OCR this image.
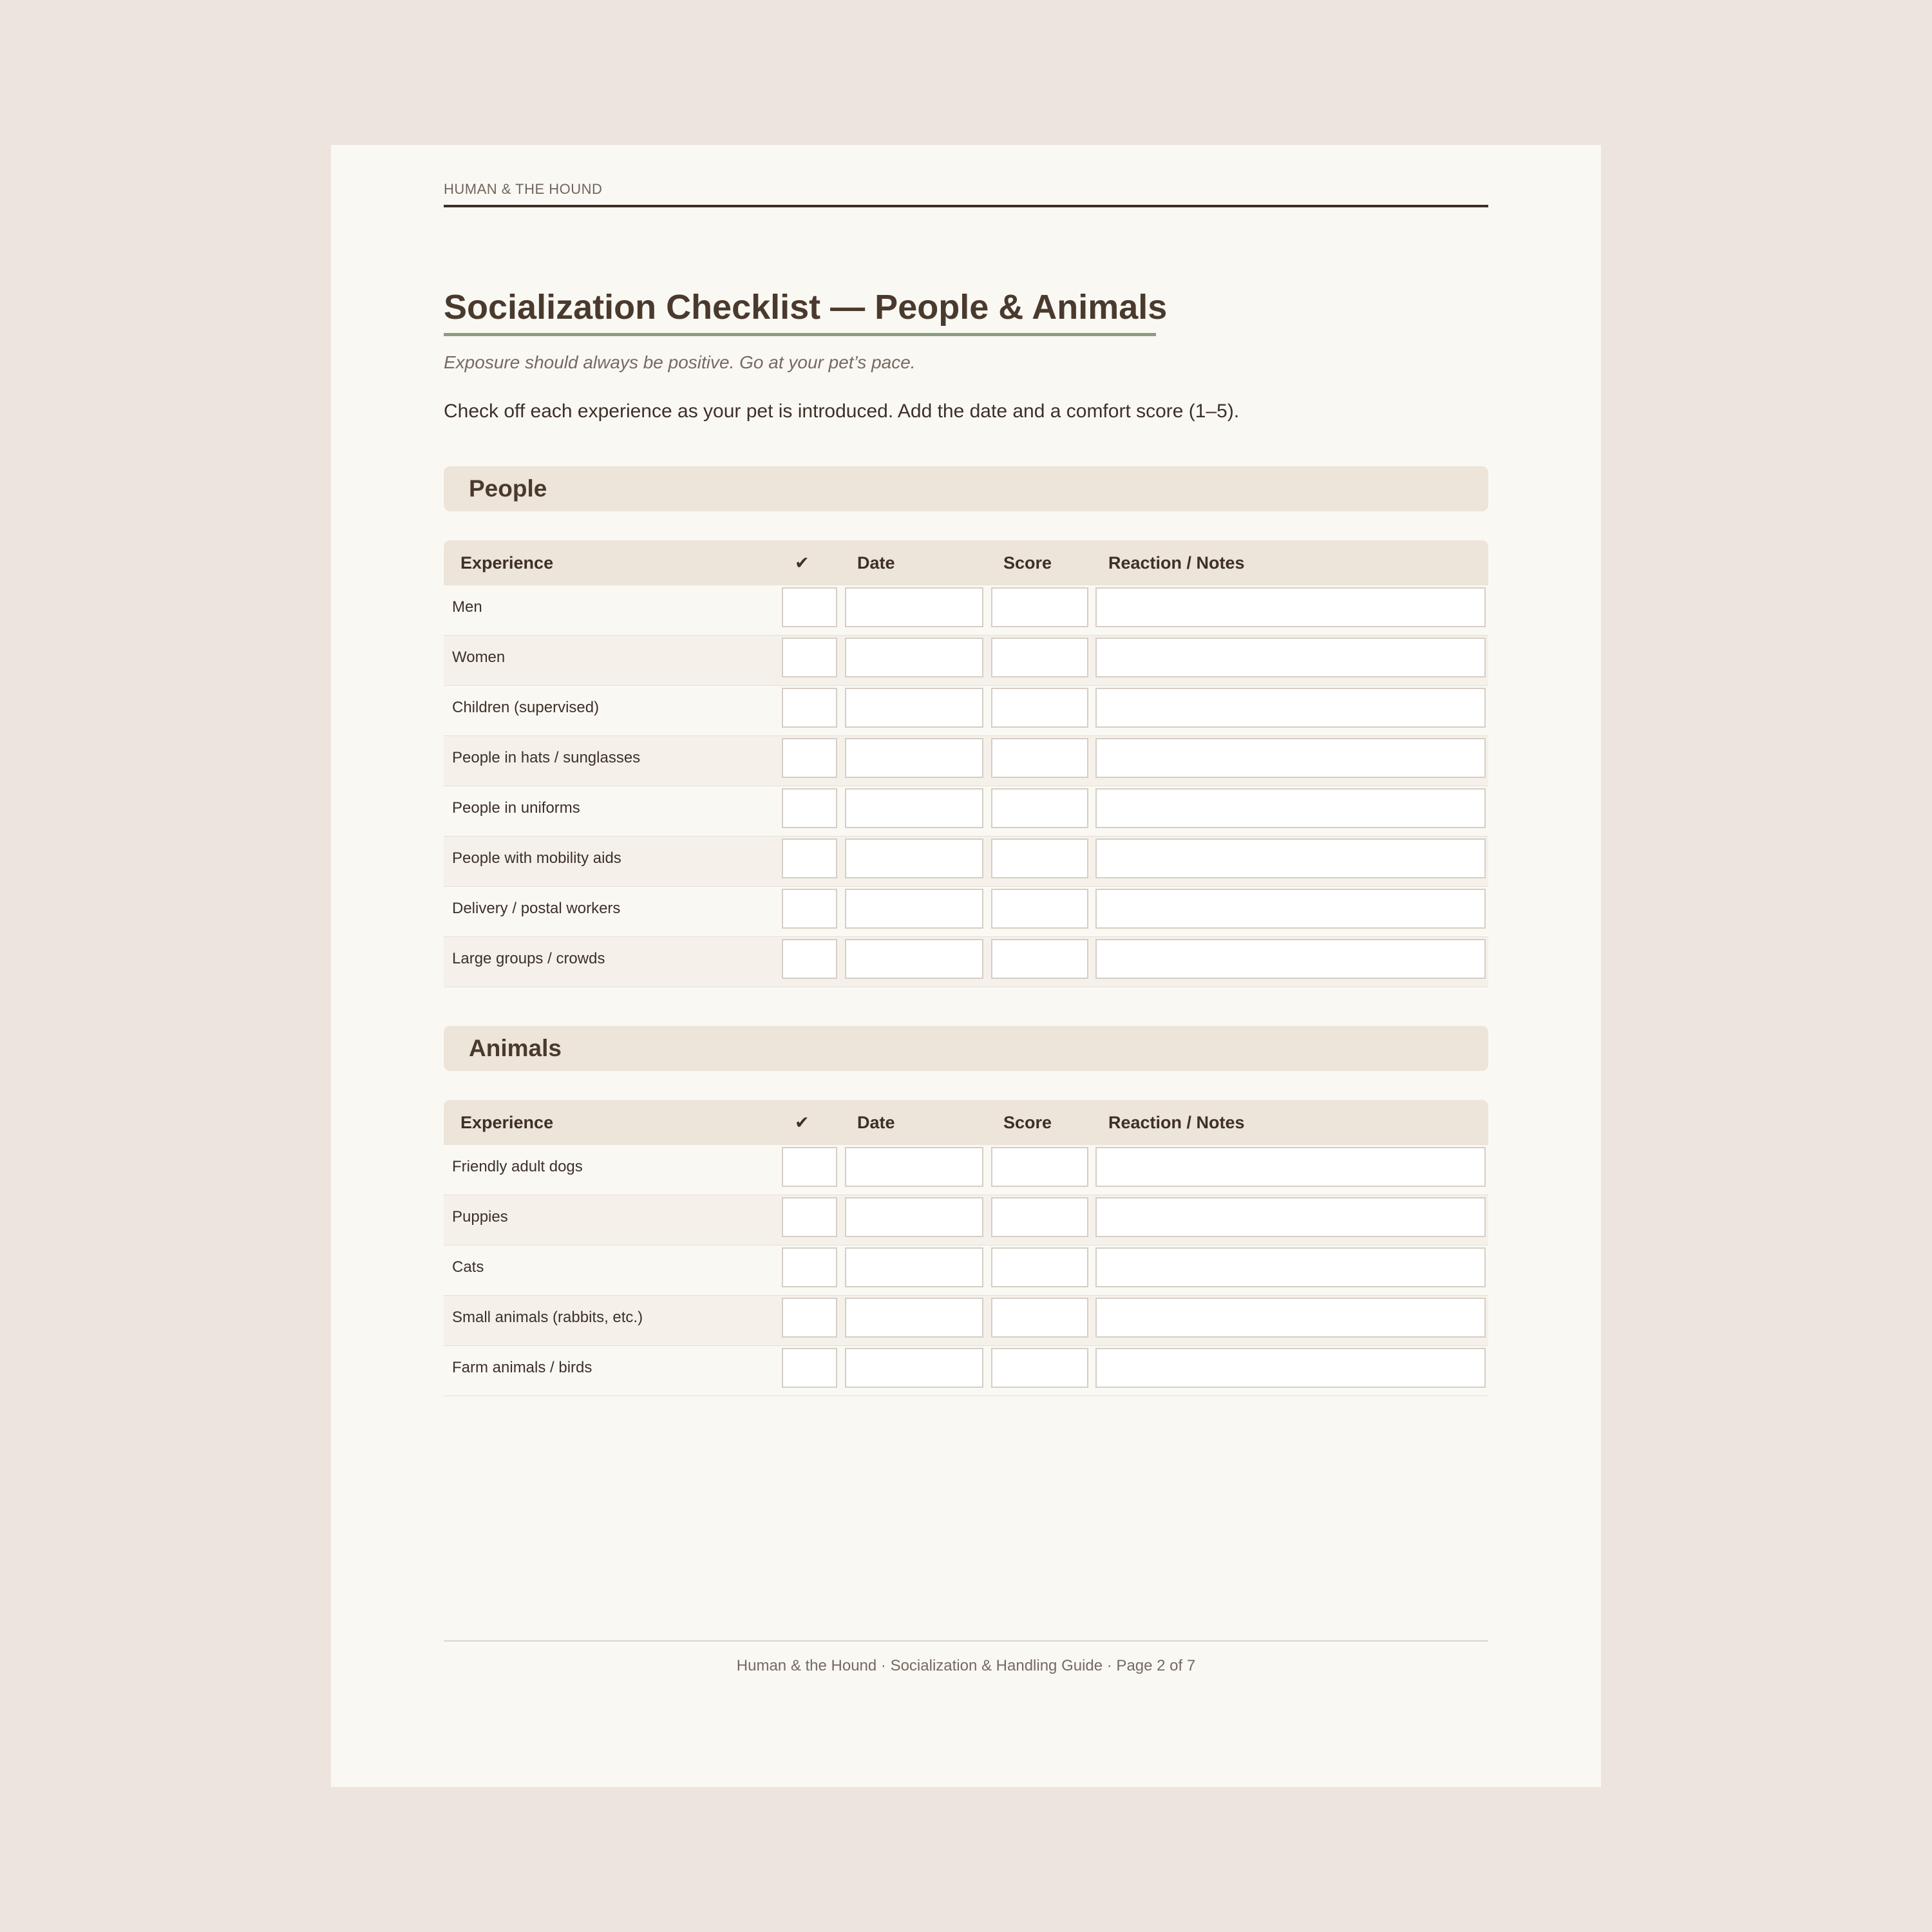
HUMAN & THE HOUND
Socialization Checklist — People & Animals
Exposure should always be positive. Go at your pet’s pace.
Check off each experience as your pet is introduced. Add the date and a comfort score (1–5).
People
Experience	✔	Date	Score	Reaction / Notes
Men
Women
Children (supervised)
People in hats / sunglasses
People in uniforms
People with mobility aids
Delivery / postal workers
Large groups / crowds
Animals
Experience	✔	Date	Score	Reaction / Notes
Friendly adult dogs
Puppies
Cats
Small animals (rabbits, etc.)
Farm animals / birds
Human & the Hound · Socialization & Handling Guide · Page 2 of 7
